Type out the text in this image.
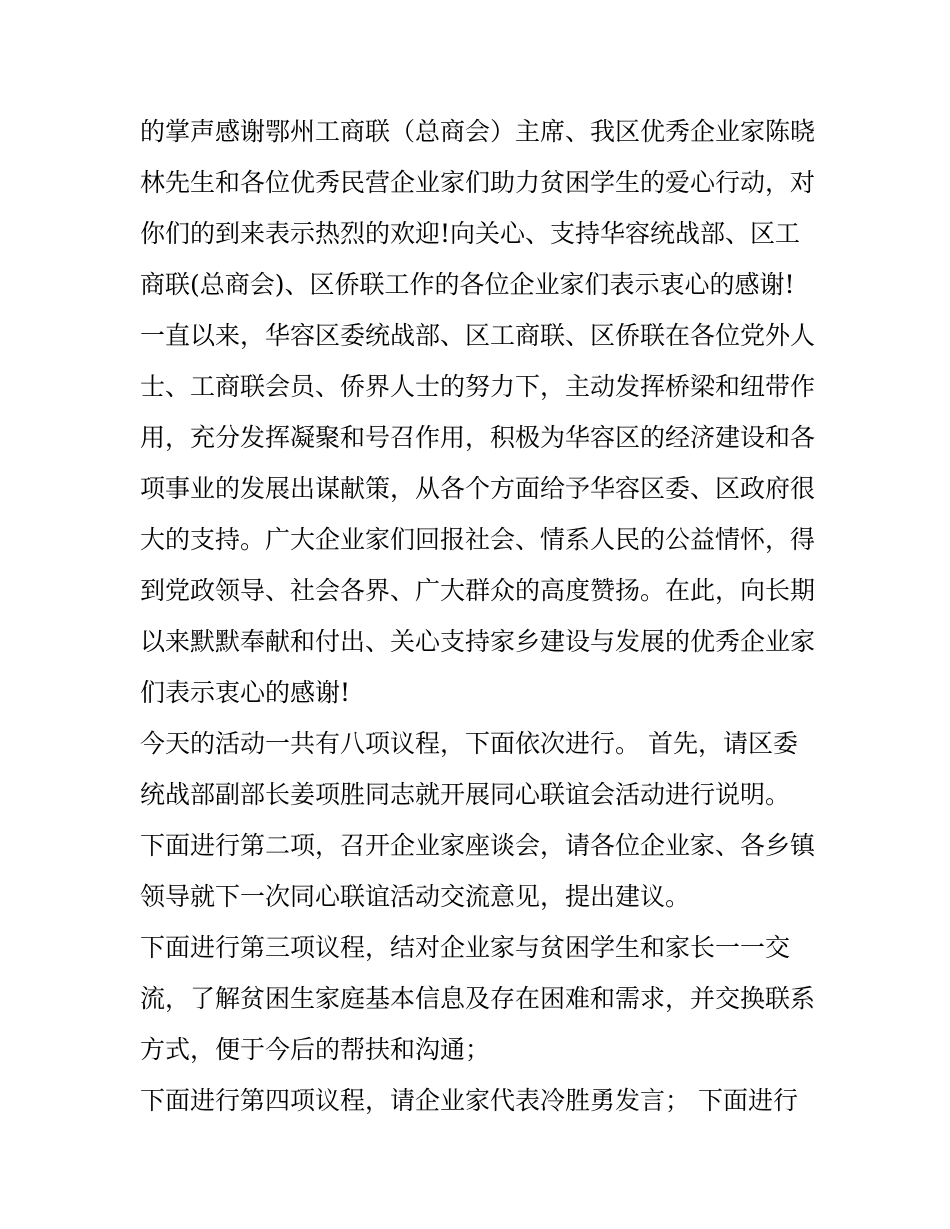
的掌声感谢鄂州工商联（总商会）主席、我区优秀企业家陈晓
林先生和各位优秀民营企业家们助力贫困学生的爱心行动，对
你们的到来表示热烈的欢迎!向关心、支持华容统战部、区工
商联(总商会)、区侨联工作的各位企业家们表示衷心的感谢!
一直以来，华容区委统战部、区工商联、区侨联在各位党外人
士、工商联会员、侨界人士的努力下，主动发挥桥梁和纽带作
用，充分发挥凝聚和号召作用，积极为华容区的经济建设和各
项事业的发展出谋献策，从各个方面给予华容区委、区政府很
大的支持。广大企业家们回报社会、情系人民的公益情怀，得
到党政领导、社会各界、广大群众的高度赞扬。在此，向长期
以来默默奉献和付出、关心支持家乡建设与发展的优秀企业家
们表示衷心的感谢!
今天的活动一共有八项议程，下面依次进行。 首先，请区委
统战部副部长姜项胜同志就开展同心联谊会活动进行说明。
下面进行第二项，召开企业家座谈会，请各位企业家、各乡镇
领导就下一次同心联谊活动交流意见，提出建议。
下面进行第三项议程，结对企业家与贫困学生和家长一一交
流，了解贫困生家庭基本信息及存在困难和需求，并交换联系
方式，便于今后的帮扶和沟通；
下面进行第四项议程，请企业家代表冷胜勇发言； 下面进行
